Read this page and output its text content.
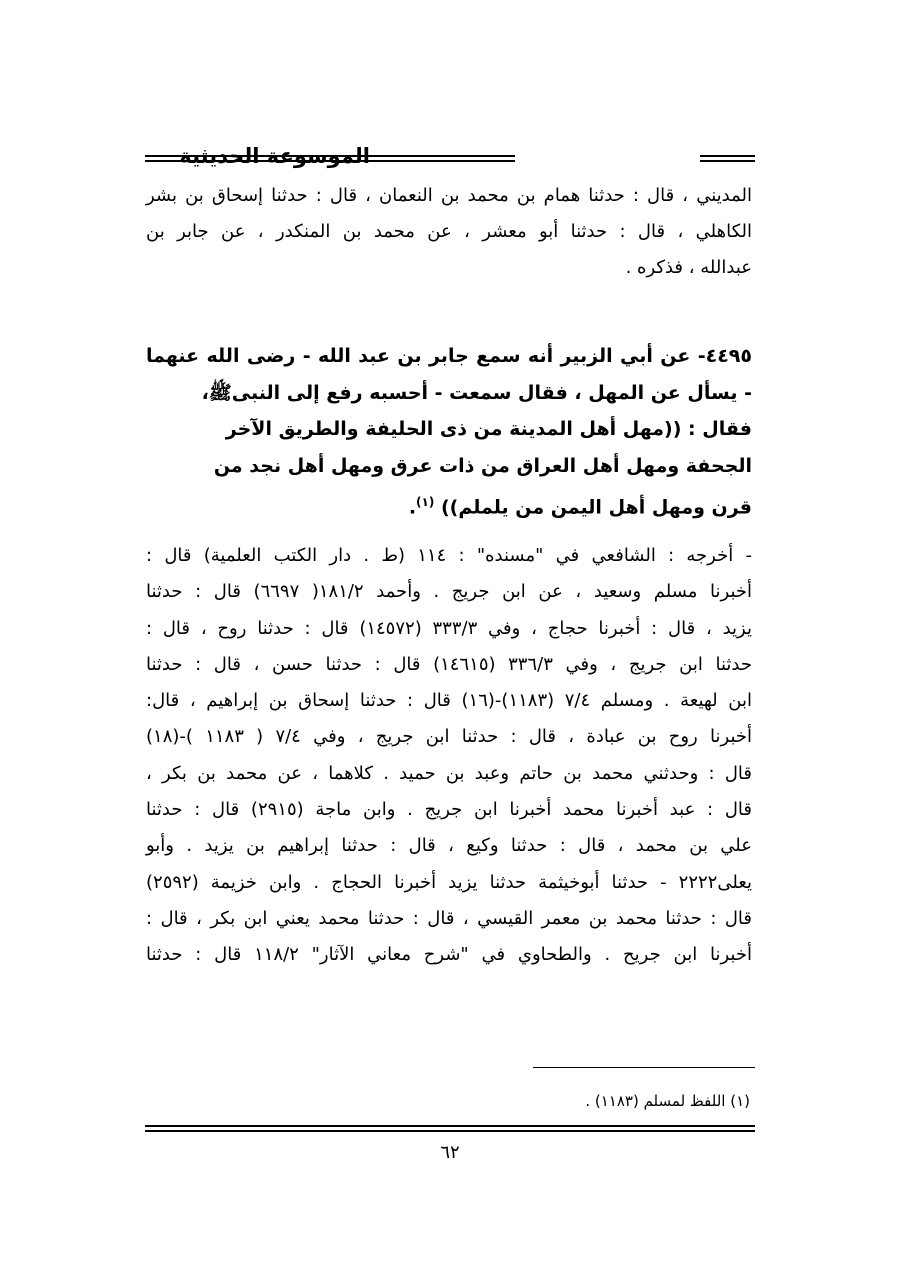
الموسوعة الحديثية
المديني ، قال : حدثنا همام بن محمد بن النعمان ، قال : حدثنا إسحاق بن بشر
الكاهلي ، قال : حدثنا أبو معشر ، عن محمد بن المنكدر ، عن جابر بن
عبدالله ، فذكره .
٤٤٩٥- عن أبي الزبير أنه سمع جابر بن عبد الله - رضى الله عنهما
- يسأل عن المهل ، فقال سمعت - أحسبه رفع إلى النبىﷺ،
فقال : ((مهل أهل المدينة من ذى الحليفة والطريق الآخر
الجحفة ومهل أهل العراق من ذات عرق ومهل أهل نجد من
قرن ومهل أهل اليمن من يلملم)) $^{(١)}$.
- أخرجه : الشافعي في "مسنده" : ١١٤ (ط . دار الكتب العلمية) قال :
أخبرنا مسلم وسعيد ، عن ابن جريج . وأحمد ١٨١/٢( ٦٦٩٧) قال : حدثنا
يزيد ، قال : أخبرنا حجاج ، وفي ٣٣٣/٣ (١٤٥٧٢) قال : حدثنا روح ، قال :
حدثنا ابن جريج ، وفي ٣٣٦/٣ (١٤٦١٥) قال : حدثنا حسن ، قال : حدثنا
ابن لهيعة . ومسلم ٧/٤ (١١٨٣)-(١٦) قال : حدثنا إسحاق بن إبراهيم ، قال:
أخبرنا روح بن عبادة ، قال : حدثنا ابن جريج ، وفي ٧/٤ ( ١١٨٣ )-(١٨)
قال : وحدثني محمد بن حاتم وعبد بن حميد . كلاهما ، عن محمد بن بكر ،
قال : عبد أخبرنا محمد أخبرنا ابن جريج . وابن ماجة (٢٩١٥) قال : حدثنا
علي بن محمد ، قال : حدثنا وكيع ، قال : حدثنا إبراهيم بن يزيد . وأبو
يعلى٢٢٢٢ - حدثنا أبوخيثمة حدثنا يزيد أخبرنا الحجاج . وابن خزيمة (٢٥٩٢)
قال : حدثنا محمد بن معمر القيسي ، قال : حدثنا محمد يعني ابن بكر ، قال :
أخبرنا ابن جريح . والطحاوي في "شرح معاني الآثار" ١١٨/٢ قال : حدثنا
(١) اللفظ لمسلم (١١٨٣) .
٦٢
